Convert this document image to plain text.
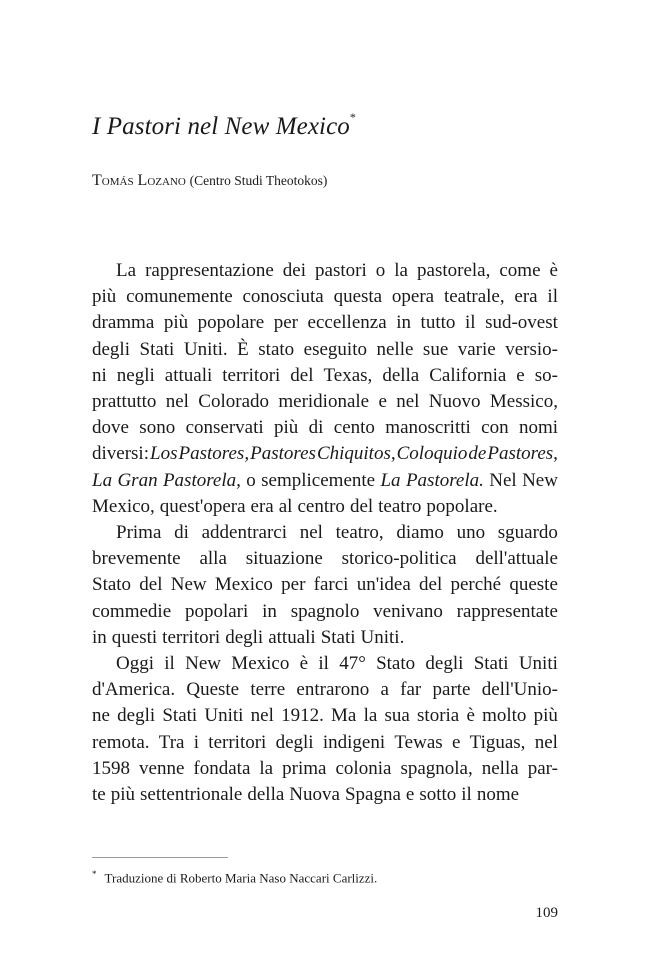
I Pastori nel New Mexico*
Tomás Lozano (Centro Studi Theotokos)
La rappresentazione dei pastori o la pastorela, come è
più comunemente conosciuta questa opera teatrale, era il
dramma più popolare per eccellenza in tutto il sud-ovest
degli Stati Uniti. È stato eseguito nelle sue varie versio-
ni negli attuali territori del Texas, della California e so-
prattutto nel Colorado meridionale e nel Nuovo Messico,
dove sono conservati più di cento manoscritti con nomi
diversi: Los Pastores, Pastores Chiquitos, Coloquio de Pastores,
La Gran Pastorela, o semplicemente La Pastorela. Nel New
Mexico, quest'opera era al centro del teatro popolare.
Prima di addentrarci nel teatro, diamo uno sguardo
brevemente alla situazione storico-politica dell'attuale
Stato del New Mexico per farci un'idea del perché queste
commedie popolari in spagnolo venivano rappresentate
in questi territori degli attuali Stati Uniti.
Oggi il New Mexico è il 47° Stato degli Stati Uniti
d'America. Queste terre entrarono a far parte dell'Unio-
ne degli Stati Uniti nel 1912. Ma la sua storia è molto più
remota. Tra i territori degli indigeni Tewas e Tiguas, nel
1598 venne fondata la prima colonia spagnola, nella par-
te più settentrionale della Nuova Spagna e sotto il nome
* Traduzione di Roberto Maria Naso Naccari Carlizzi.
109
